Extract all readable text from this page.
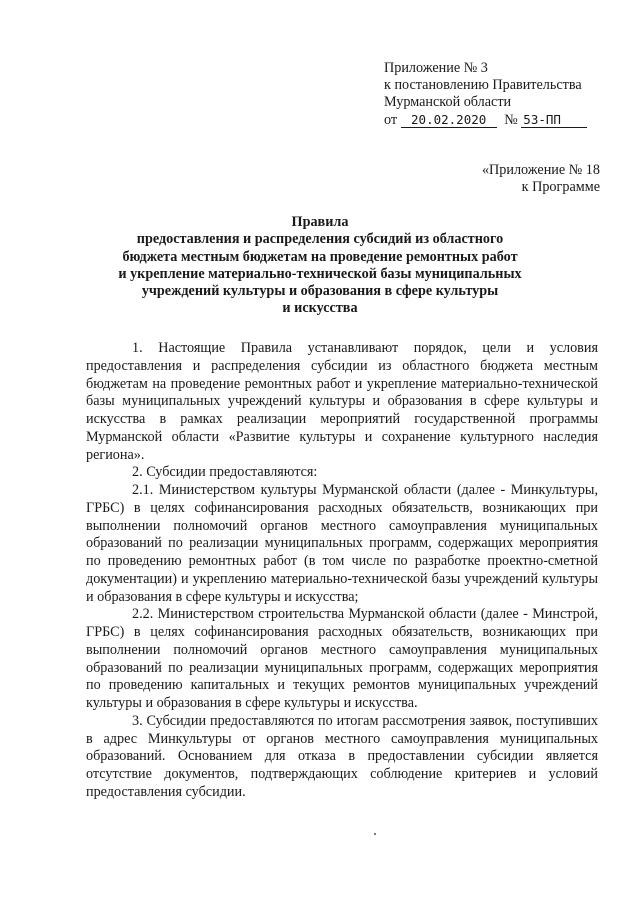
Приложение № 3
к постановлению Правительства
Мурманской области
от 20.02.2020 № 53-ПП
«Приложение № 18
к Программе
Правила
предоставления и распределения субсидий из областного
бюджета местным бюджетам на проведение ремонтных работ
и укрепление материально-технической базы муниципальных
учреждений культуры и образования в сфере культуры
и искусства

1. Настоящие Правила устанавливают порядок, цели и условия предоставления и распределения субсидии из областного бюджета местным бюджетам на проведение ремонтных работ и укрепление материально-технической базы муниципальных учреждений культуры и образования в сфере культуры и искусства в рамках реализации мероприятий государственной программы Мурманской области «Развитие культуры и сохранение культурного наследия региона».

2. Субсидии предоставляются:

2.1. Министерством культуры Мурманской области (далее - Минкультуры, ГРБС) в целях софинансирования расходных обязательств, возникающих при выполнении полномочий органов местного самоуправления муниципальных образований по реализации муниципальных программ, содержащих мероприятия по проведению ремонтных работ (в том числе по разработке проектно-сметной документации) и укреплению материально-технической базы учреждений культуры и образования в сфере культуры и искусства;

2.2. Министерством строительства Мурманской области (далее - Минстрой, ГРБС) в целях софинансирования расходных обязательств, возникающих при выполнении полномочий органов местного самоуправления муниципальных образований по реализации муниципальных программ, содержащих мероприятия по проведению капитальных и текущих ремонтов муниципальных учреждений культуры и образования в сфере культуры и искусства.

3. Субсидии предоставляются по итогам рассмотрения заявок, поступивших в адрес Минкультуры от органов местного самоуправления муниципальных образований. Основанием для отказа в предоставлении субсидии является отсутствие документов, подтверждающих соблюдение критериев и условий предоставления субсидии.
